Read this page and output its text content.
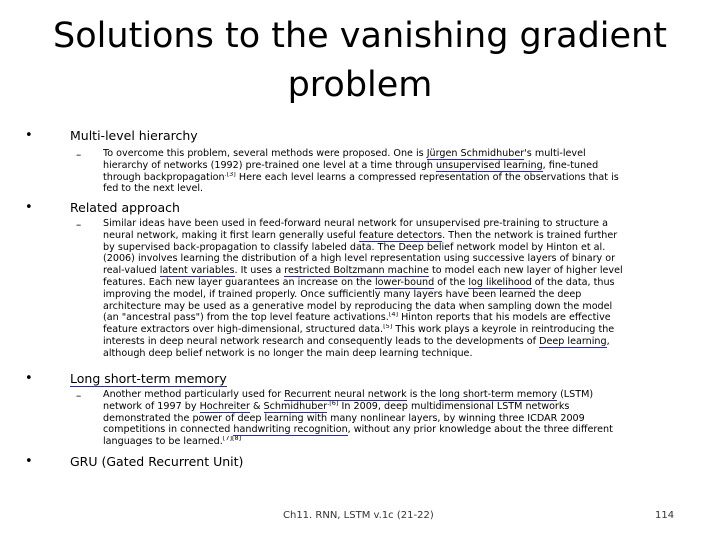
Solutions to the vanishing gradient
problem
•	Multi-level hierarchy
– To overcome this problem, several methods were proposed. One is Jürgen Schmidhuber's multi-level
hierarchy of networks (1992) pre-trained one level at a time through unsupervised learning, fine-tuned
through backpropagation$^{.[3]}$ Here each level learns a compressed representation of the observations that is
fed to the next level.
•	Related approach
– Similar ideas have been used in feed-forward neural network for unsupervised pre-training to structure a
neural network, making it first learn generally useful feature detectors. Then the network is trained further
by supervised back-propagation to classify labeled data. The Deep belief network model by Hinton et al.
(2006) involves learning the distribution of a high level representation using successive layers of binary or
real-valued latent variables. It uses a restricted Boltzmann machine to model each new layer of higher level
features. Each new layer guarantees an increase on the lower-bound of the log likelihood of the data, thus
improving the model, if trained properly. Once sufficiently many layers have been learned the deep
architecture may be used as a generative model by reproducing the data when sampling down the model
(an "ancestral pass") from the top level feature activations.[4] Hinton reports that his models are effective
feature extractors over high-dimensional, structured data.[5] This work plays a keyrole in reintroducing the
interests in deep neural network research and consequently leads to the developments of Deep learning,
although deep belief network is no longer the main deep learning technique.
•	Long short-term memory
– Another method particularly used for Recurrent neural network is the long short-term memory (LSTM)
network of 1997 by Hochreiter & Schmidhuber$^{.[6]}$ In 2009, deep multidimensional LSTM networks
demonstrated the power of deep learning with many nonlinear layers, by winning three ICDAR 2009
competitions in connected handwriting recognition, without any prior knowledge about the three different
languages to be learned.[7][8]
•	GRU (Gated Recurrent Unit)
Ch11. RNN, LSTM v.1c (21-22)	114
